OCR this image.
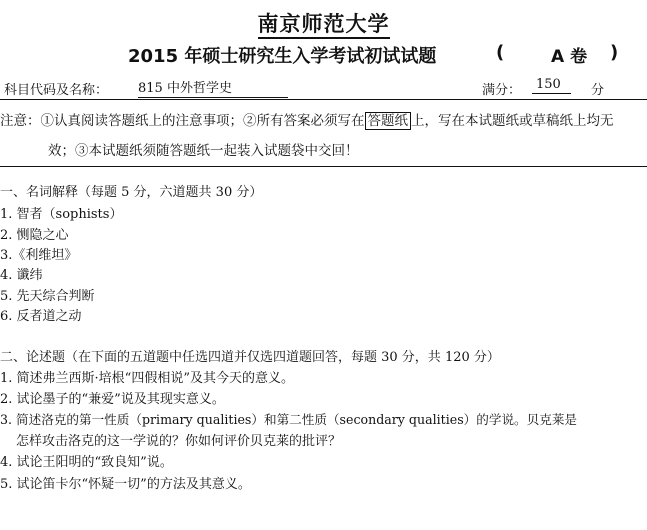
南京师范大学
2015 年硕士研究生入学考试初试试题	(	A 卷 )
科目代码及名称： 815 中外哲学史	满分：	150	分
注意：①认真阅读答题纸上的注意事项；②所有答案必须写在 答题纸 上，写在本试题纸或草稿纸上均无
效；③本试题纸须随答题纸一起装入试题袋中交回！
一、名词解释（每题 5 分，六道题共 30 分）
1. 智者（sophists）
2. 恻隐之心
3.《利维坦》
4. 谶纬
5. 先天综合判断
6. 反者道之动
二、论述题（在下面的五道题中任选四道并仅选四道题回答，每题 30 分，共 120 分）
1. 简述弗兰西斯·培根“四假相说”及其今天的意义。
2. 试论墨子的“兼爱”说及其现实意义。
3. 简述洛克的第一性质（primary qualities）和第二性质（secondary qualities）的学说。贝克莱是
怎样攻击洛克的这一学说的？你如何评价贝克莱的批评？
4. 试论王阳明的“致良知”说。
5. 试论笛卡尔“怀疑一切”的方法及其意义。
